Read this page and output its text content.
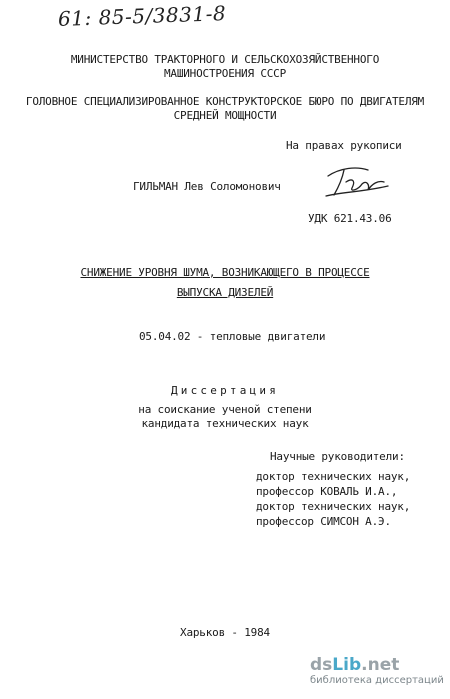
61: 85-5/3831-8
МИНИСТЕРСТВО ТРАКТОРНОГО И СЕЛЬСКОХОЗЯЙСТВЕННОГО
МАШИНОСТРОЕНИЯ СССР
ГОЛОВНОЕ СПЕЦИАЛИЗИРОВАННОЕ КОНСТРУКТОРСКОЕ БЮРО ПО ДВИГАТЕЛЯМ
СРЕДНЕЙ МОЩНОСТИ
На правах рукописи
ГИЛЬМАН Лев Соломонович
УДК 621.43.06
СНИЖЕНИЕ УРОВНЯ ШУМА, ВОЗНИКАЮЩЕГО В ПРОЦЕССЕ
ВЫПУСКА ДИЗЕЛЕЙ
05.04.02 - тепловые двигатели
Диссертация
на соискание ученой степени
кандидата технических наук
Научные руководители:
доктор технических наук,
профессор КОВАЛЬ И.А.,
доктор технических наук,
профессор СИМСОН А.Э.
Харьков - 1984
dsLib.net
библиотека диссертаций
